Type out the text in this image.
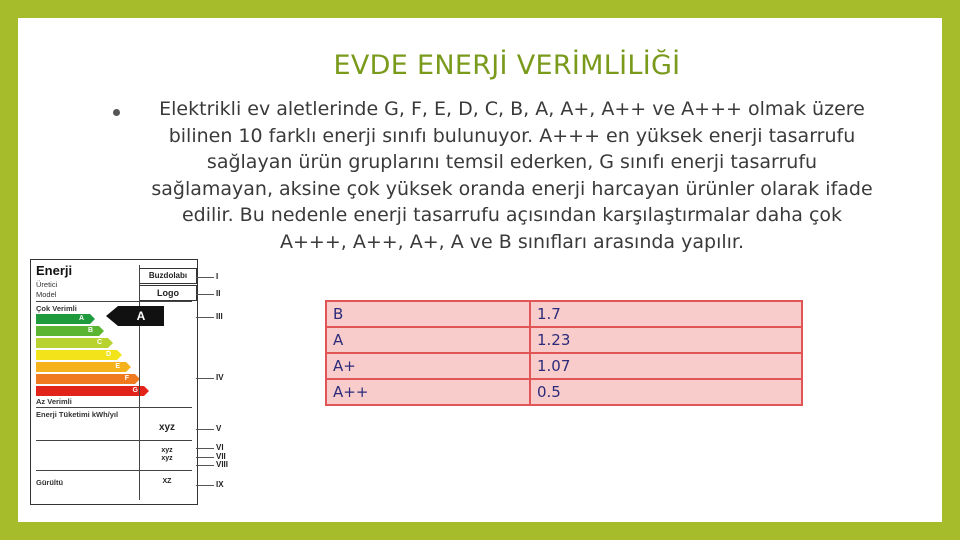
EVDE ENERJİ VERİMLİLİĞİ
Elektrikli ev aletlerinde G, F, E, D, C, B, A, A+, A++ ve A+++ olmak üzere bilinen 10 farklı enerji sınıfı bulunuyor. A+++ en yüksek enerji tasarrufu sağlayan ürün gruplarını temsil ederken, G sınıfı enerji tasarrufu sağlamayan, aksine çok yüksek oranda enerji harcayan ürünler olarak ifade edilir. Bu nedenle enerji tasarrufu açısından karşılaştırmalar daha çok A+++, A++, A+, A ve B sınıfları arasında yapılır.
Enerji
Üretici
Model
Buzdolabı
Logo
Çok Verimli
A
B
C
D
E
F
G
Az Verimli
Enerji Tüketimi kWh/yıl
xyz
xyz
xyz
Gürültü	XZ
A
I
II
III
IV
V
VI
VII
VIII
IX
B	1.7
A	1.23
A+	1.07
A++	0.5
